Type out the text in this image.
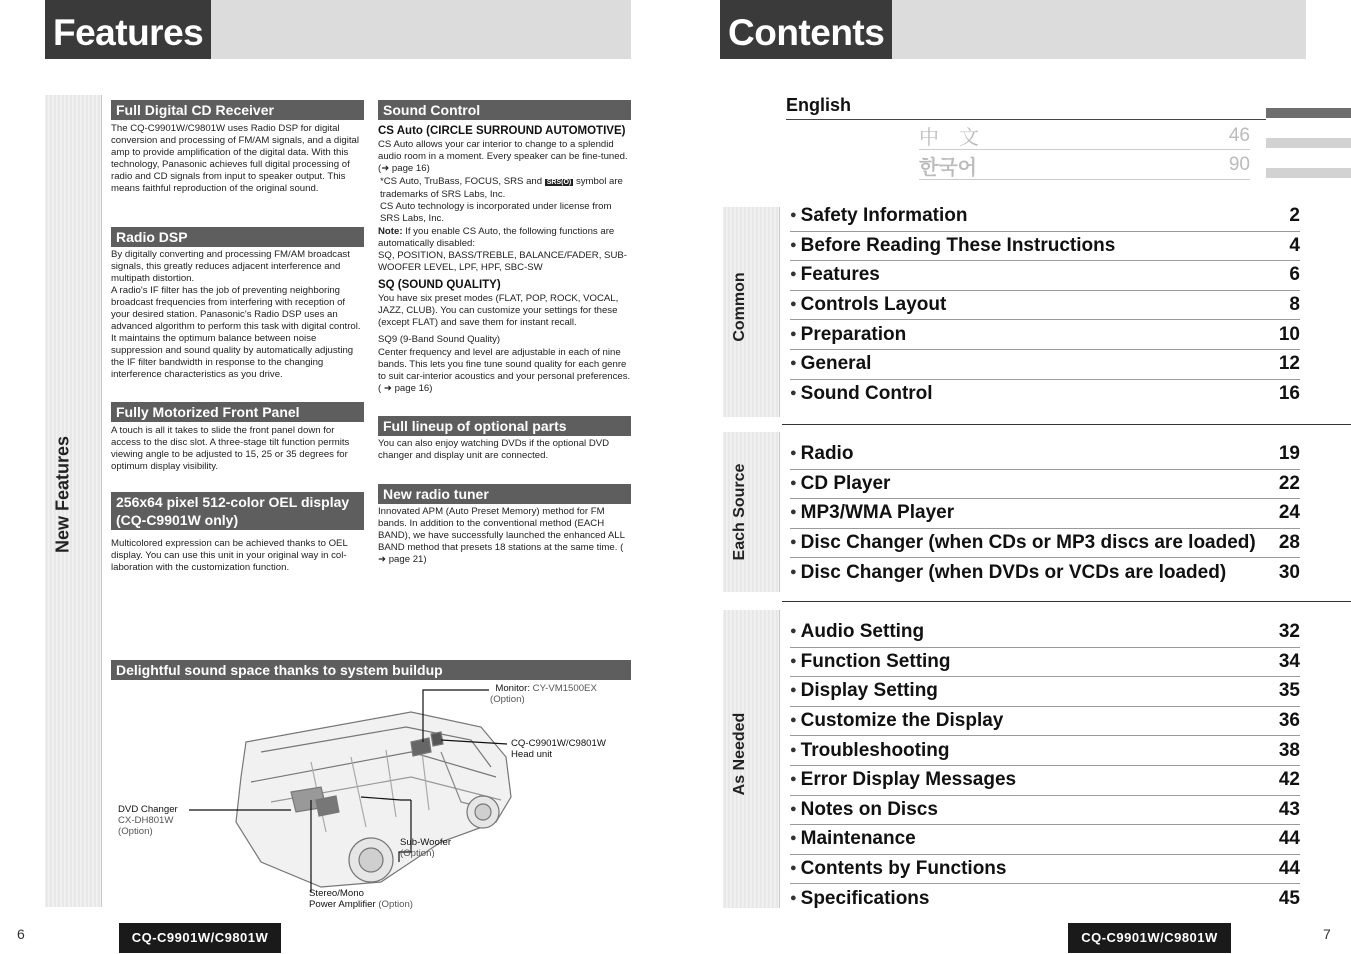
Features
New Features
Full Digital CD Receiver
The CQ-C9901W/C9801W uses Radio DSP for digital conversion and processing of FM/AM signals, and a digital amp to provide amplification of the digital data. With this technology, Panasonic achieves full digital processing of radio and CD signals from input to speaker output. This means faithful reproduction of the original sound.
Radio DSP
By digitally converting and processing FM/AM broadcast signals, this greatly reduces adjacent interference and multipath distortion.
A radio's IF filter has the job of preventing neighboring broadcast frequencies from interfering with reception of your desired station. Panasonic's Radio DSP uses an advanced algorithm to perform this task with digital control. It maintains the optimum balance between noise suppression and sound quality by automatically adjusting the IF filter bandwidth in response to the changing interference characteristics as you drive.
Fully Motorized Front Panel
A touch is all it takes to slide the front panel down for access to the disc slot. A three-stage tilt function permits viewing angle to be adjusted to 15, 25 or 35 degrees for optimum display visibility.
256x64 pixel 512-color OEL display (CQ-C9901W only)
Multicolored expression can be achieved thanks to OEL display. You can use this unit in your original way in col-laboration with the customization function.
Sound Control
CS Auto (CIRCLE SURROUND AUTOMOTIVE)
CS Auto allows your car interior to change to a splendid audio room in a moment. Every speaker can be fine-tuned. (➜ page 16)
*CS Auto, TruBass, FOCUS, SRS and SRS(O) symbol are trademarks of SRS Labs, Inc.
CS Auto technology is incorporated under license from SRS Labs, Inc.
Note: If you enable CS Auto, the following functions are automatically disabled:
SQ, POSITION, BASS/TREBLE, BALANCE/FADER, SUB-WOOFER LEVEL, LPF, HPF, SBC-SW
SQ (SOUND QUALITY)
You have six preset modes (FLAT, POP, ROCK, VOCAL, JAZZ, CLUB). You can customize your settings for these (except FLAT) and save them for instant recall.
SQ9 (9-Band Sound Quality)
Center frequency and level are adjustable in each of nine bands. This lets you fine tune sound quality for each genre to suit car-interior acoustics and your personal preferences. ( ➜ page 16)
Full lineup of optional parts
You can also enjoy watching DVDs if the optional DVD changer and display unit are connected.
New radio tuner
Innovated APM (Auto Preset Memory) method for FM bands. In addition to the conventional method (EACH BAND), we have successfully launched the enhanced ALL BAND method that presets 18 stations at the same time. ( ➜ page 21)
Delightful sound space thanks to system buildup
Monitor: CY-VM1500EX
(Option)
CQ-C9901W/C9801W
Head unit
DVD Changer
CX-DH801W
(Option)
Sub-Woofer
(Option)
Stereo/Mono
Power Amplifier (Option)
6	CQ-C9901W/C9801W
Contents
English
中　文	46
한국어	90
Common
Each Source
As Needed
● Safety Information	2
● Before Reading These Instructions	4
● Features	6
● Controls Layout	8
● Preparation	10
● General	12
● Sound Control	16
● Radio	19
● CD Player	22
● MP3/WMA Player	24
● Disc Changer (when CDs or MP3 discs are loaded) 28
● Disc Changer (when DVDs or VCDs are loaded)	30
● Audio Setting	32
● Function Setting	34
● Display Setting	35
● Customize the Display	36
● Troubleshooting	38
● Error Display Messages	42
● Notes on Discs	43
● Maintenance	44
● Contents by Functions	44
● Specifications	45
CQ-C9901W/C9801W	7
